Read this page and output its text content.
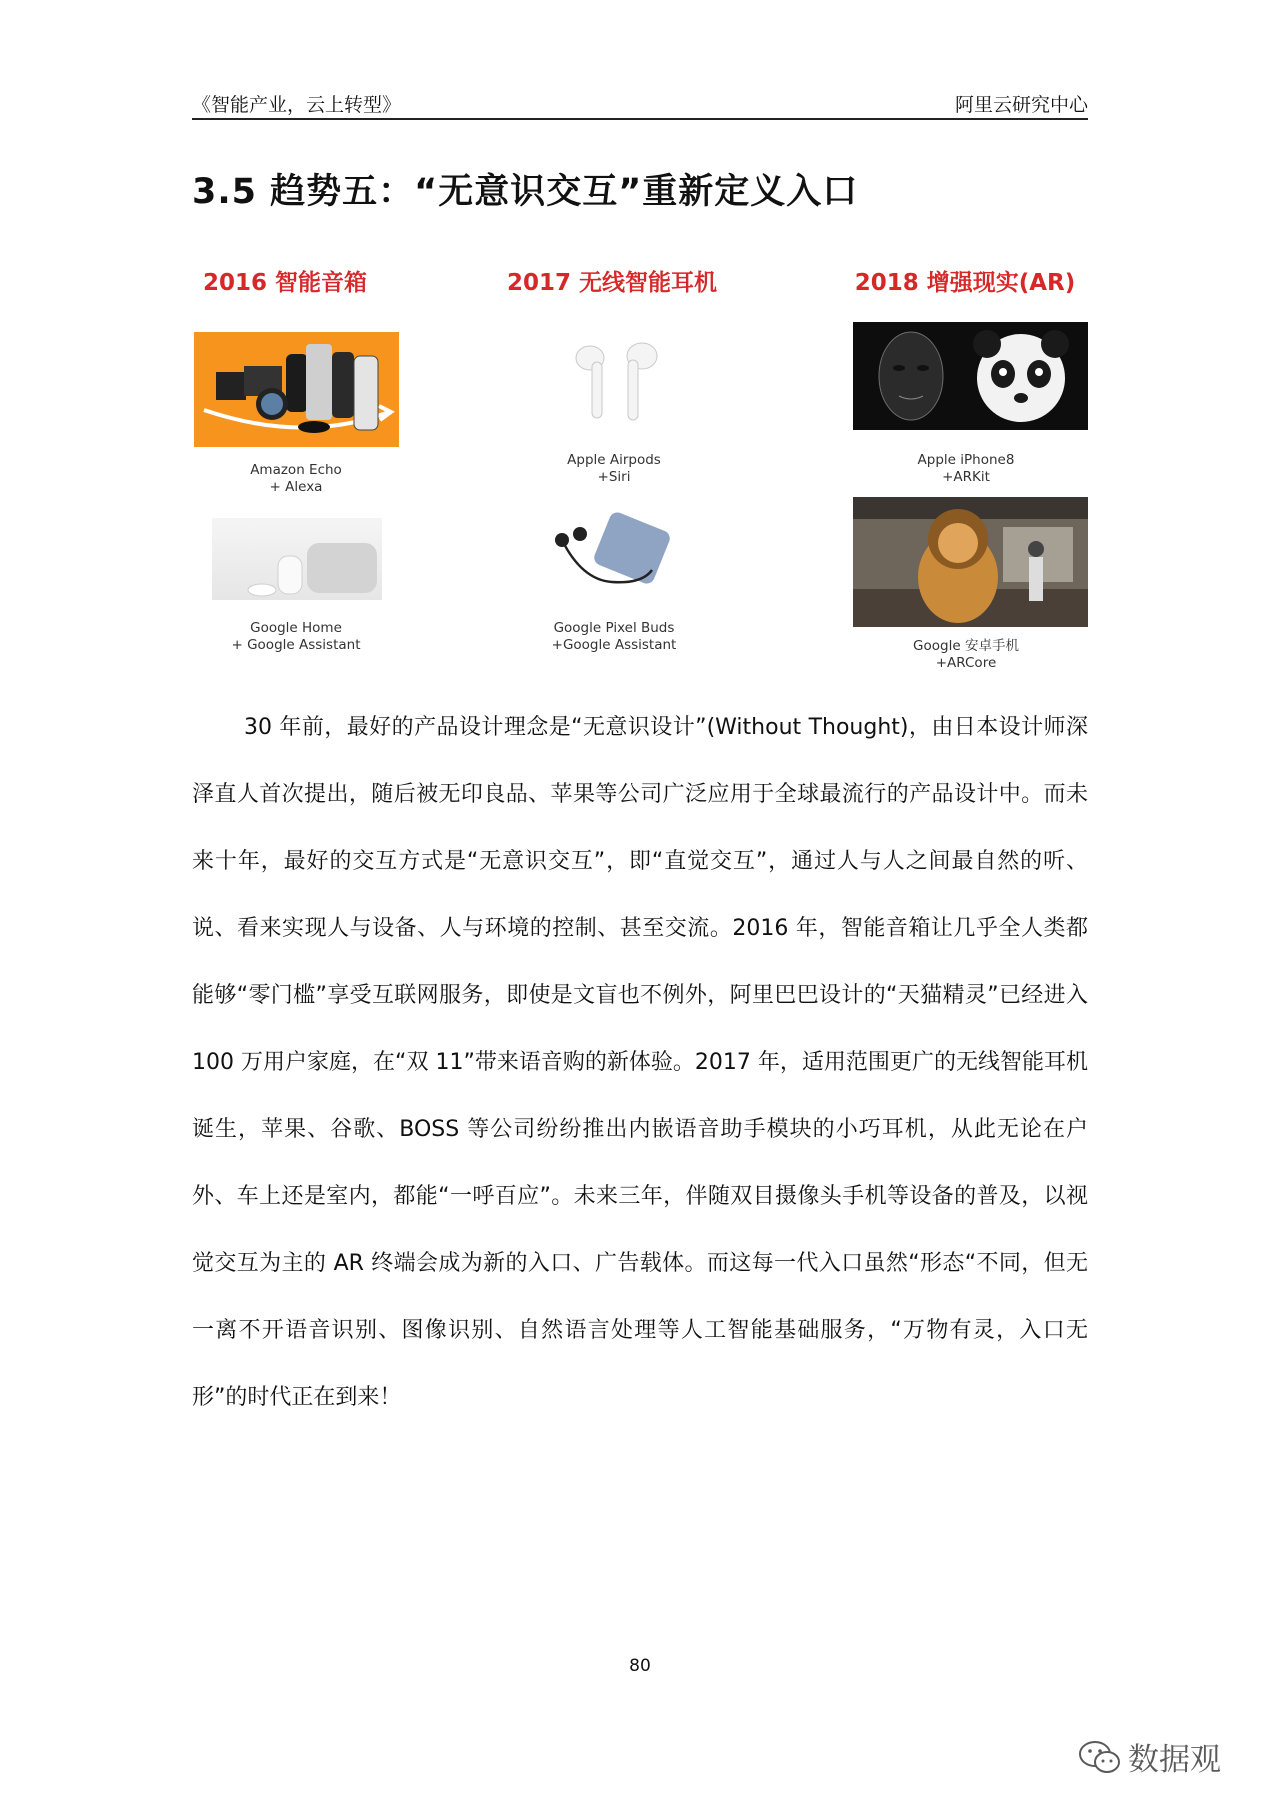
《智能产业，云上转型》	阿里云研究中心
3.5 趋势五：“无意识交互”重新定义入口
2016 智能音箱	2017 无线智能耳机	2018 增强现实(AR)
Amazon Echo
+ Alexa
Google Home
+ Google Assistant
Apple Airpods
+Siri
Google Pixel Buds
+Google Assistant
Apple iPhone8
+ARKit
Google 安卓手机
+ARCore
30 年前，最好的产品设计理念是“无意识设计”(Without Thought)，由日本设计师深泽直人首次提出，随后被无印良品、苹果等公司广泛应用于全球最流行的产品设计中。而未来十年，最好的交互方式是“无意识交互”，即“直觉交互”，通过人与人之间最自然的听、说、看来实现人与设备、人与环境的控制、甚至交流。2016 年，智能音箱让几乎全人类都能够“零门槛”享受互联网服务，即使是文盲也不例外，阿里巴巴设计的“天猫精灵”已经进入 100 万用户家庭，在“双 11”带来语音购的新体验。2017 年，适用范围更广的无线智能耳机诞生，苹果、谷歌、BOSS 等公司纷纷推出内嵌语音助手模块的小巧耳机，从此无论在户外、车上还是室内，都能“一呼百应”。未来三年，伴随双目摄像头手机等设备的普及，以视觉交互为主的 AR 终端会成为新的入口、广告载体。而这每一代入口虽然“形态“不同，但无一离不开语音识别、图像识别、自然语言处理等人工智能基础服务，“万物有灵，入口无形”的时代正在到来！
80
数据观
